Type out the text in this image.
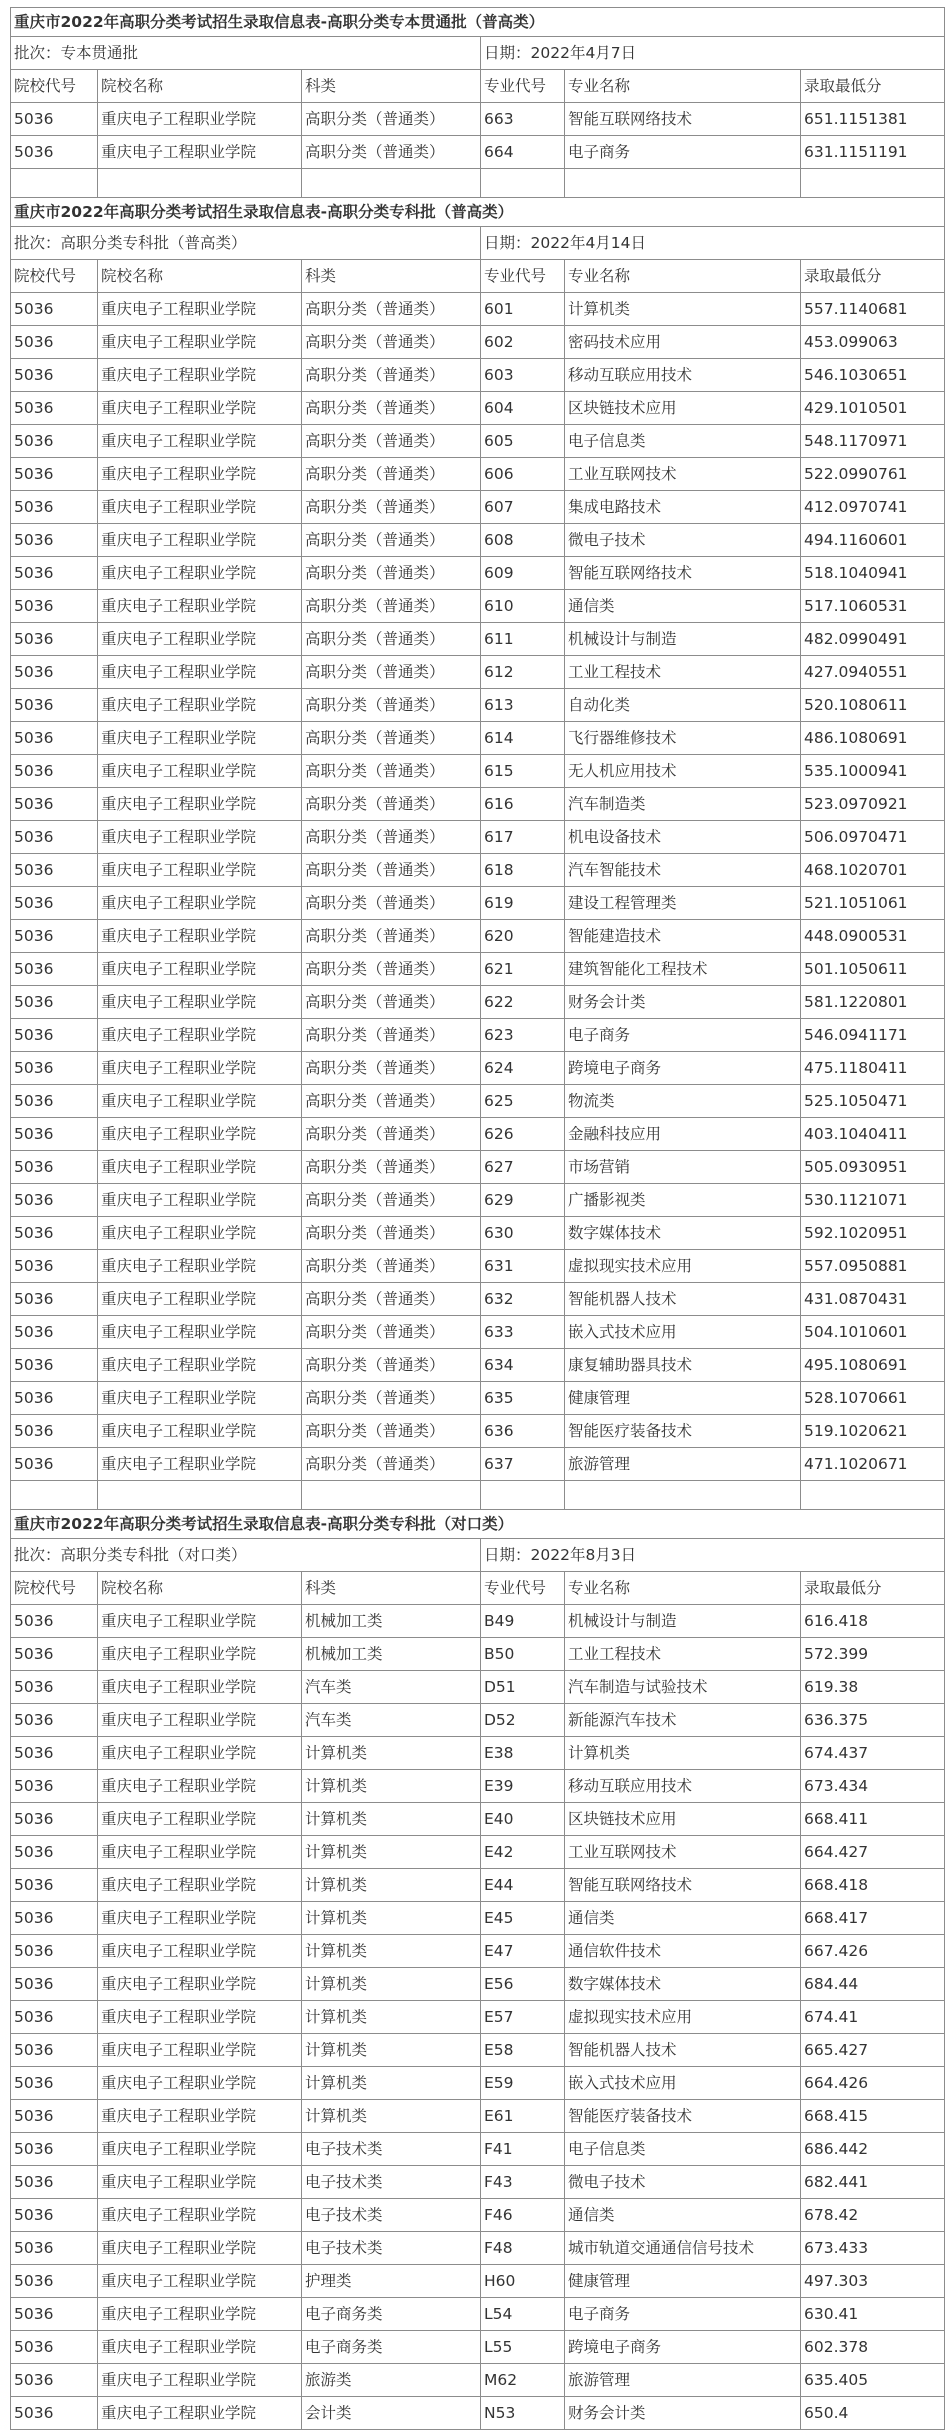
重庆市2022年高职分类考试招生录取信息表-高职分类专本贯通批（普高类）					
批次：专本贯通批			日期：2022年4月7日		
院校代号	院校名称	科类	专业代号	专业名称	录取最低分
5036	重庆电子工程职业学院	高职分类（普通类）	663	智能互联网络技术	651.1151381
5036	重庆电子工程职业学院	高职分类（普通类）	664	电子商务	631.1151191

重庆市2022年高职分类考试招生录取信息表-高职分类专科批（普高类）					
批次：高职分类专科批（普高类）			日期：2022年4月14日		
院校代号	院校名称	科类	专业代号	专业名称	录取最低分
5036	重庆电子工程职业学院	高职分类（普通类）	601	计算机类	557.1140681
5036	重庆电子工程职业学院	高职分类（普通类）	602	密码技术应用	453.099063
5036	重庆电子工程职业学院	高职分类（普通类）	603	移动互联应用技术	546.1030651
5036	重庆电子工程职业学院	高职分类（普通类）	604	区块链技术应用	429.1010501
5036	重庆电子工程职业学院	高职分类（普通类）	605	电子信息类	548.1170971
5036	重庆电子工程职业学院	高职分类（普通类）	606	工业互联网技术	522.0990761
5036	重庆电子工程职业学院	高职分类（普通类）	607	集成电路技术	412.0970741
5036	重庆电子工程职业学院	高职分类（普通类）	608	微电子技术	494.1160601
5036	重庆电子工程职业学院	高职分类（普通类）	609	智能互联网络技术	518.1040941
5036	重庆电子工程职业学院	高职分类（普通类）	610	通信类	517.1060531
5036	重庆电子工程职业学院	高职分类（普通类）	611	机械设计与制造	482.0990491
5036	重庆电子工程职业学院	高职分类（普通类）	612	工业工程技术	427.0940551
5036	重庆电子工程职业学院	高职分类（普通类）	613	自动化类	520.1080611
5036	重庆电子工程职业学院	高职分类（普通类）	614	飞行器维修技术	486.1080691
5036	重庆电子工程职业学院	高职分类（普通类）	615	无人机应用技术	535.1000941
5036	重庆电子工程职业学院	高职分类（普通类）	616	汽车制造类	523.0970921
5036	重庆电子工程职业学院	高职分类（普通类）	617	机电设备技术	506.0970471
5036	重庆电子工程职业学院	高职分类（普通类）	618	汽车智能技术	468.1020701
5036	重庆电子工程职业学院	高职分类（普通类）	619	建设工程管理类	521.1051061
5036	重庆电子工程职业学院	高职分类（普通类）	620	智能建造技术	448.0900531
5036	重庆电子工程职业学院	高职分类（普通类）	621	建筑智能化工程技术	501.1050611
5036	重庆电子工程职业学院	高职分类（普通类）	622	财务会计类	581.1220801
5036	重庆电子工程职业学院	高职分类（普通类）	623	电子商务	546.0941171
5036	重庆电子工程职业学院	高职分类（普通类）	624	跨境电子商务	475.1180411
5036	重庆电子工程职业学院	高职分类（普通类）	625	物流类	525.1050471
5036	重庆电子工程职业学院	高职分类（普通类）	626	金融科技应用	403.1040411
5036	重庆电子工程职业学院	高职分类（普通类）	627	市场营销	505.0930951
5036	重庆电子工程职业学院	高职分类（普通类）	629	广播影视类	530.1121071
5036	重庆电子工程职业学院	高职分类（普通类）	630	数字媒体技术	592.1020951
5036	重庆电子工程职业学院	高职分类（普通类）	631	虚拟现实技术应用	557.0950881
5036	重庆电子工程职业学院	高职分类（普通类）	632	智能机器人技术	431.0870431
5036	重庆电子工程职业学院	高职分类（普通类）	633	嵌入式技术应用	504.1010601
5036	重庆电子工程职业学院	高职分类（普通类）	634	康复辅助器具技术	495.1080691
5036	重庆电子工程职业学院	高职分类（普通类）	635	健康管理	528.1070661
5036	重庆电子工程职业学院	高职分类（普通类）	636	智能医疗装备技术	519.1020621
5036	重庆电子工程职业学院	高职分类（普通类）	637	旅游管理	471.1020671

重庆市2022年高职分类考试招生录取信息表-高职分类专科批（对口类）					
批次：高职分类专科批（对口类）			日期：2022年8月3日		
院校代号	院校名称	科类	专业代号	专业名称	录取最低分
5036	重庆电子工程职业学院	机械加工类	B49	机械设计与制造	616.418
5036	重庆电子工程职业学院	机械加工类	B50	工业工程技术	572.399
5036	重庆电子工程职业学院	汽车类	D51	汽车制造与试验技术	619.38
5036	重庆电子工程职业学院	汽车类	D52	新能源汽车技术	636.375
5036	重庆电子工程职业学院	计算机类	E38	计算机类	674.437
5036	重庆电子工程职业学院	计算机类	E39	移动互联应用技术	673.434
5036	重庆电子工程职业学院	计算机类	E40	区块链技术应用	668.411
5036	重庆电子工程职业学院	计算机类	E42	工业互联网技术	664.427
5036	重庆电子工程职业学院	计算机类	E44	智能互联网络技术	668.418
5036	重庆电子工程职业学院	计算机类	E45	通信类	668.417
5036	重庆电子工程职业学院	计算机类	E47	通信软件技术	667.426
5036	重庆电子工程职业学院	计算机类	E56	数字媒体技术	684.44
5036	重庆电子工程职业学院	计算机类	E57	虚拟现实技术应用	674.41
5036	重庆电子工程职业学院	计算机类	E58	智能机器人技术	665.427
5036	重庆电子工程职业学院	计算机类	E59	嵌入式技术应用	664.426
5036	重庆电子工程职业学院	计算机类	E61	智能医疗装备技术	668.415
5036	重庆电子工程职业学院	电子技术类	F41	电子信息类	686.442
5036	重庆电子工程职业学院	电子技术类	F43	微电子技术	682.441
5036	重庆电子工程职业学院	电子技术类	F46	通信类	678.42
5036	重庆电子工程职业学院	电子技术类	F48	城市轨道交通通信信号技术	673.433
5036	重庆电子工程职业学院	护理类	H60	健康管理	497.303
5036	重庆电子工程职业学院	电子商务类	L54	电子商务	630.41
5036	重庆电子工程职业学院	电子商务类	L55	跨境电子商务	602.378
5036	重庆电子工程职业学院	旅游类	M62	旅游管理	635.405
5036	重庆电子工程职业学院	会计类	N53	财务会计类	650.4
